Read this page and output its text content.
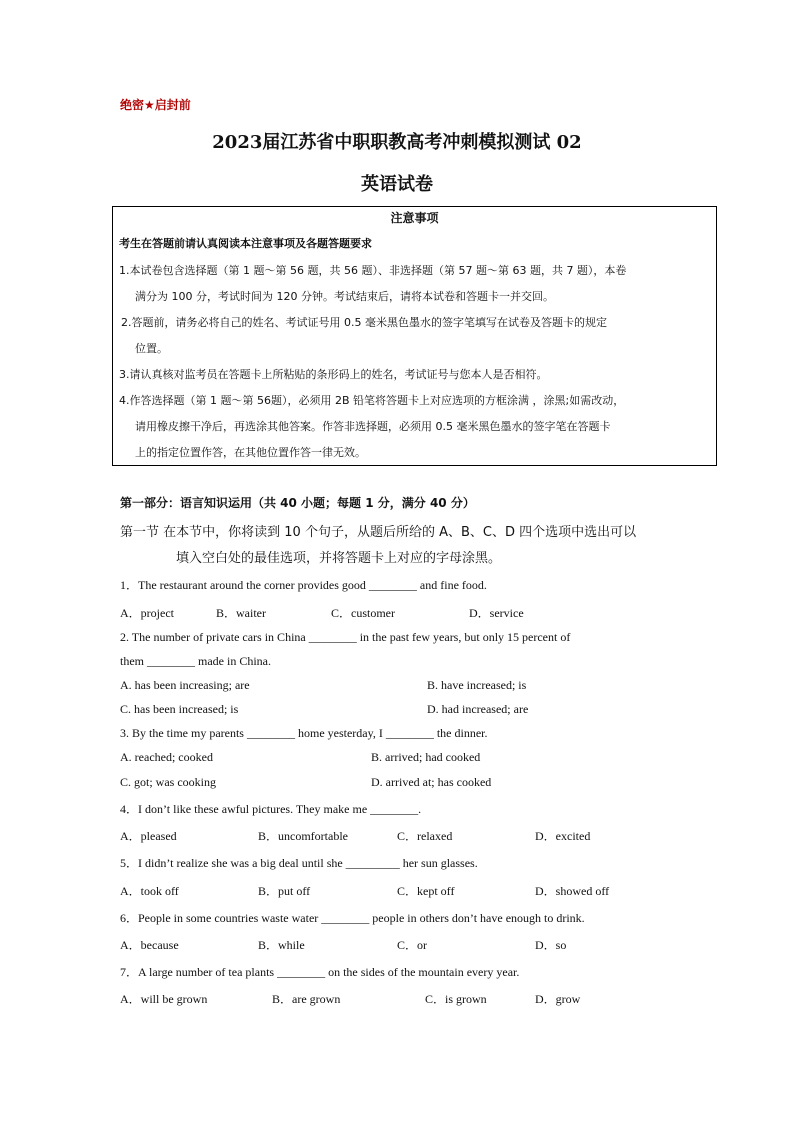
绝密★启封前
2023届江苏省中职职教高考冲刺模拟测试 02
英语试卷
注意事项
考生在答题前请认真阅读本注意事项及各题答题要求
1.本试卷包含选择题（第 1 题～第 56 题，共 56 题）、非选择题（第 57 题～第 63 题，共 7 题），本卷
满分为 100 分，考试时间为 120 分钟。考试结束后，请将本试卷和答题卡一并交回。
2.答题前，请务必将自己的姓名、考试证号用 0.5 毫米黑色墨水的签字笔填写在试卷及答题卡的规定
位置。
3.请认真核对监考员在答题卡上所粘贴的条形码上的姓名，考试证号与您本人是否相符。
4.作答选择题（第 1 题～第 56题），必须用 2B 铅笔将答题卡上对应选项的方框涂满 ，涂黑;如需改动，
请用橡皮擦干净后，再选涂其他答案。作答非选择题，必须用 0.5 毫米黑色墨水的签字笔在答题卡
上的指定位置作答，在其他位置作答一律无效。
第一部分：语言知识运用（共 40 小题；每题 1 分，满分 40 分）
第一节 在本节中，你将读到 10 个句子，从题后所给的 A、B、C、D 四个选项中选出可以
填入空白处的最佳选项，并将答题卡上对应的字母涂黑。
1．The restaurant around the corner provides good ________ and fine food.
A．project	B．waiter	C．customer	D．service
2. The number of private cars in China ________ in the past few years, but only 15 percent of
them ________ made in China.
A. has been increasing; are	B. have increased; is
C. has been increased; is	D. had increased; are
3. By the time my parents ________ home yesterday, I ________ the dinner.
A. reached; cooked	B. arrived; had cooked
C. got; was cooking	D. arrived at; has cooked
4．I don’t like these awful pictures. They make me ________.
A．pleased	B．uncomfortable	C．relaxed	D．excited
5．I didn’t realize she was a big deal until she _________ her sun glasses.
A．took off	B．put off	C．kept off	D．showed off
6．People in some countries waste water ________ people in others don’t have enough to drink.
A．because	B．while	C．or	D．so
7．A large number of tea plants ________ on the sides of the mountain every year.
A．will be grown	B．are grown	C．is grown	D．grow
